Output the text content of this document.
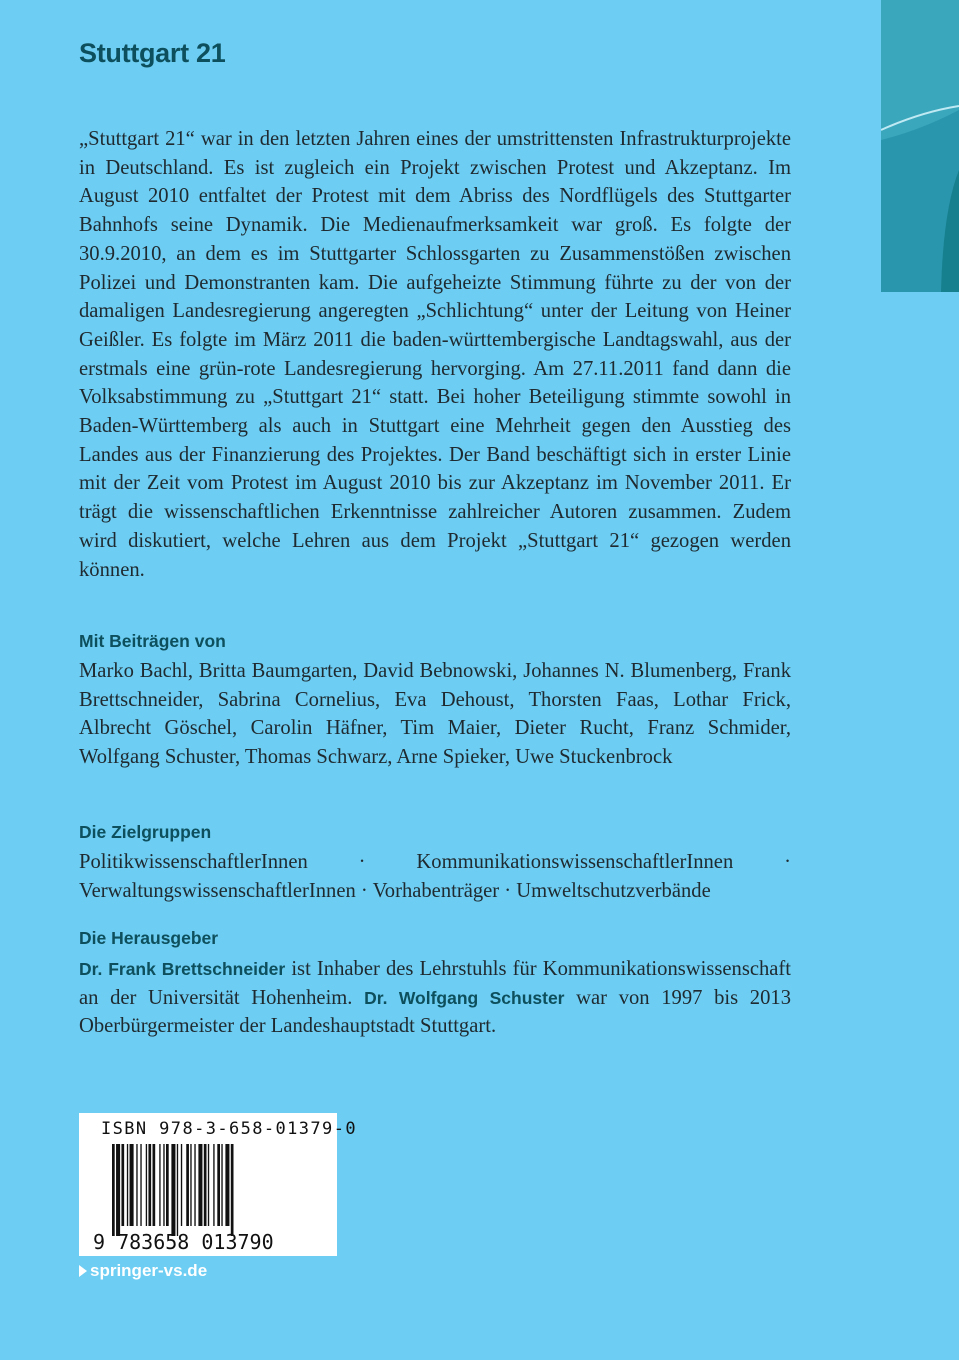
Stuttgart 21

„Stuttgart 21“ war in den letzten Jahren eines der umstrittensten Infrastrukturprojekte in Deutschland. Es ist zugleich ein Projekt zwischen Protest und Akzeptanz. Im August 2010 entfaltet der Protest mit dem Abriss des Nordflügels des Stuttgarter Bahnhofs seine Dynamik. Die Medienaufmerksamkeit war groß. Es folgte der 30.9.2010, an dem es im Stuttgarter Schlossgarten zu Zusammenstößen zwischen Polizei und Demonstranten kam. Die aufgeheizte Stimmung führte zu der von der damaligen Landesregierung angeregten „Schlichtung“ unter der Leitung von Heiner Geißler. Es folgte im März 2011 die baden-württembergische Landtagswahl, aus der erstmals eine grün-rote Landesregierung hervorging. Am 27.11.2011 fand dann die Volksabstimmung zu „Stuttgart 21“ statt. Bei hoher Beteiligung stimmte sowohl in Baden-Württemberg als auch in Stuttgart eine Mehrheit gegen den Ausstieg des Landes aus der Finanzierung des Projektes. Der Band beschäftigt sich in erster Linie mit der Zeit vom Protest im August 2010 bis zur Akzeptanz im November 2011. Er trägt die wissenschaftlichen Erkenntnisse zahlreicher Autoren zusammen. Zudem wird diskutiert, welche Lehren aus dem Projekt „Stuttgart 21“ gezogen werden können.

Mit Beiträgen von

Marko Bachl, Britta Baumgarten, David Bebnowski, Johannes N. Blumenberg, Frank Brettschneider, Sabrina Cornelius, Eva Dehoust, Thorsten Faas, Lothar Frick, Albrecht Göschel, Carolin Häfner, Tim Maier, Dieter Rucht, Franz Schmider, Wolfgang Schuster, Thomas Schwarz, Arne Spieker, Uwe Stuckenbrock

Die Zielgruppen

PolitikwissenschaftlerInnen · KommunikationswissenschaftlerInnen · VerwaltungswissenschaftlerInnen · Vorhabenträger · Umweltschutzverbände

Die Herausgeber

Dr. Frank Brettschneider ist Inhaber des Lehrstuhls für Kommunikationswissenschaft an der Universität Hohenheim. Dr. Wolfgang Schuster war von 1997 bis 2013 Oberbürgermeister der Landeshauptstadt Stuttgart.

ISBN 978-3-658-01379-0
9 783658 013790
springer-vs.de
